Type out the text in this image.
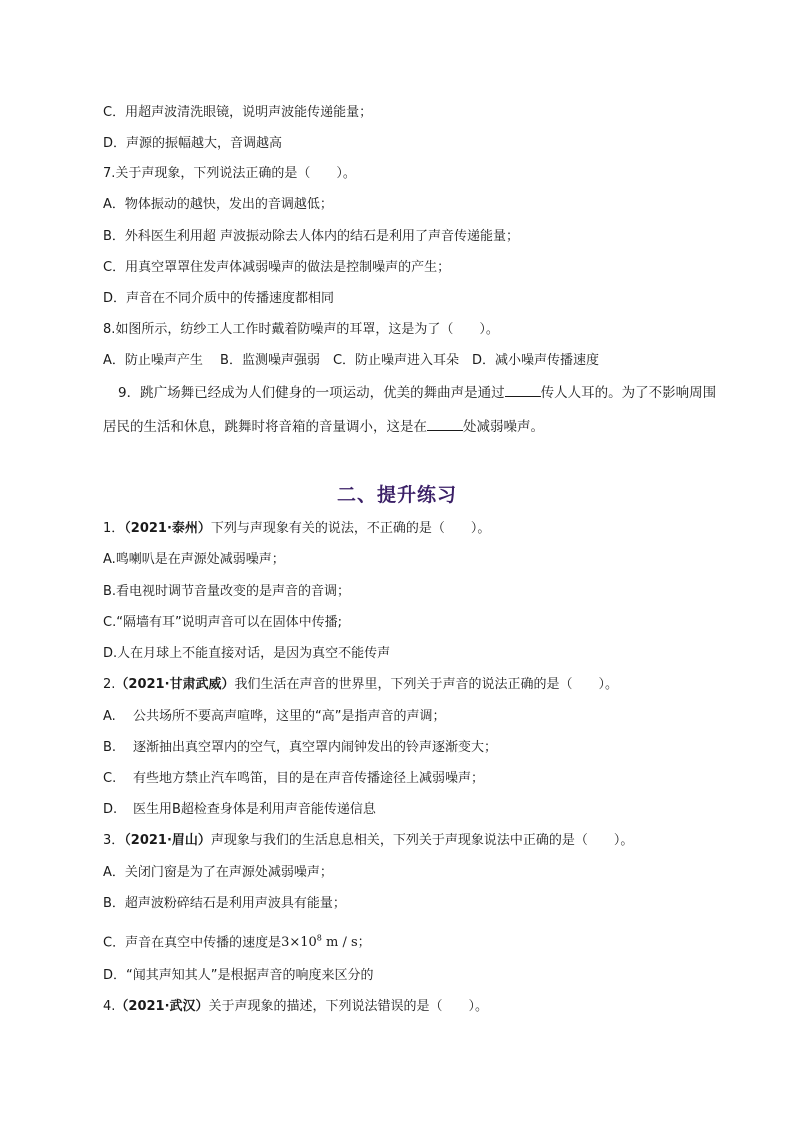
C．用超声波清洗眼镜，说明声波能传递能量；
D．声源的振幅越大，音调越高
7.关于声现象，下列说法正确的是（　　）。
A．物体振动的越快，发出的音调越低；
B．外科医生利用超 声波振动除去人体内的结石是利用了声音传递能量；
C．用真空罩罩住发声体减弱噪声的做法是控制噪声的产生；
D．声音在不同介质中的传播速度都相同
8.如图所示，纺纱工人工作时戴着防噪声的耳罩，这是为了（　　）。
A．防止噪声产生　 B．监测噪声强弱　C．防止噪声进入耳朵　D．减小噪声传播速度
9．跳广场舞已经成为人们健身的一项运动，优美的舞曲声是通过	传人人耳的。为了不影响周围居民的生活和休息，跳舞时将音箱的音量调小，这是在	处减弱噪声。
二、提升练习
1．（2021·泰州）下列与声现象有关的说法，不正确的是（　　）。
A.鸣喇叭是在声源处减弱噪声；
B.看电视时调节音量改变的是声音的音调；
C.“隔墙有耳”说明声音可以在固体中传播;
D.人在月球上不能直接对话，是因为真空不能传声
2.（2021·甘肃武威）我们生活在声音的世界里，下列关于声音的说法正确的是（　　）。
A. 公共场所不要高声喧哗，这里的“高”是指声音的声调；
B. 逐渐抽出真空罩内的空气，真空罩内闹钟发出的铃声逐渐变大；
C. 有些地方禁止汽车鸣笛，目的是在声音传播途径上减弱噪声；
D. 医生用B超检查身体是利用声音能传递信息
3．（2021·眉山）声现象与我们的生活息息相关，下列关于声现象说法中正确的是（　　）。
A．关闭门窗是为了在声源处减弱噪声；
B．超声波粉碎结石是利用声波具有能量；
C．声音在真空中传播的速度是$3\times 10^8$ m / s；
D．“闻其声知其人”是根据声音的响度来区分的
4.（2021·武汉）关于声现象的描述，下列说法错误的是（　　）。
